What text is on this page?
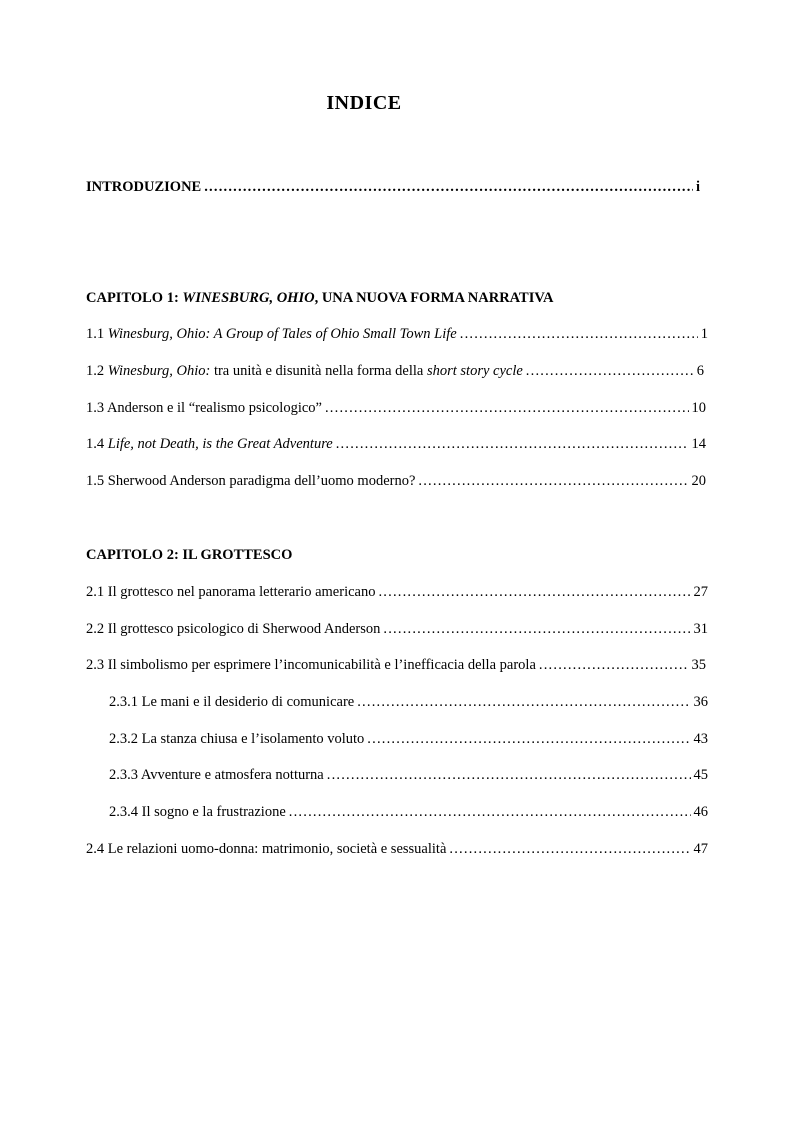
INDICE
INTRODUZIONE .....	i
CAPITOLO 1: WINESBURG, OHIO, UNA NUOVA FORMA NARRATIVA
1.1 Winesburg, Ohio: A Group of Tales of Ohio Small Town Life .....	1
1.2 Winesburg, Ohio: tra unità e disunità nella forma della short story cycle .....	6
1.3 Anderson e il “realismo psicologico” .....	10
1.4 Life, not Death, is the Great Adventure .....	14
1.5 Sherwood Anderson paradigma dell’uomo moderno? .....	20
CAPITOLO 2: IL GROTTESCO
2.1 Il grottesco nel panorama letterario americano .....	27
2.2 Il grottesco psicologico di Sherwood Anderson .....	31
2.3 Il simbolismo per esprimere l’incomunicabilità e l’inefficacia della parola .....	35
2.3.1 Le mani e il desiderio di comunicare .....	36
2.3.2 La stanza chiusa e l’isolamento voluto .....	43
2.3.3 Avventure e atmosfera notturna .....	45
2.3.4 Il sogno e la frustrazione .....	46
2.4 Le relazioni uomo-donna: matrimonio, società e sessualità .....	47
